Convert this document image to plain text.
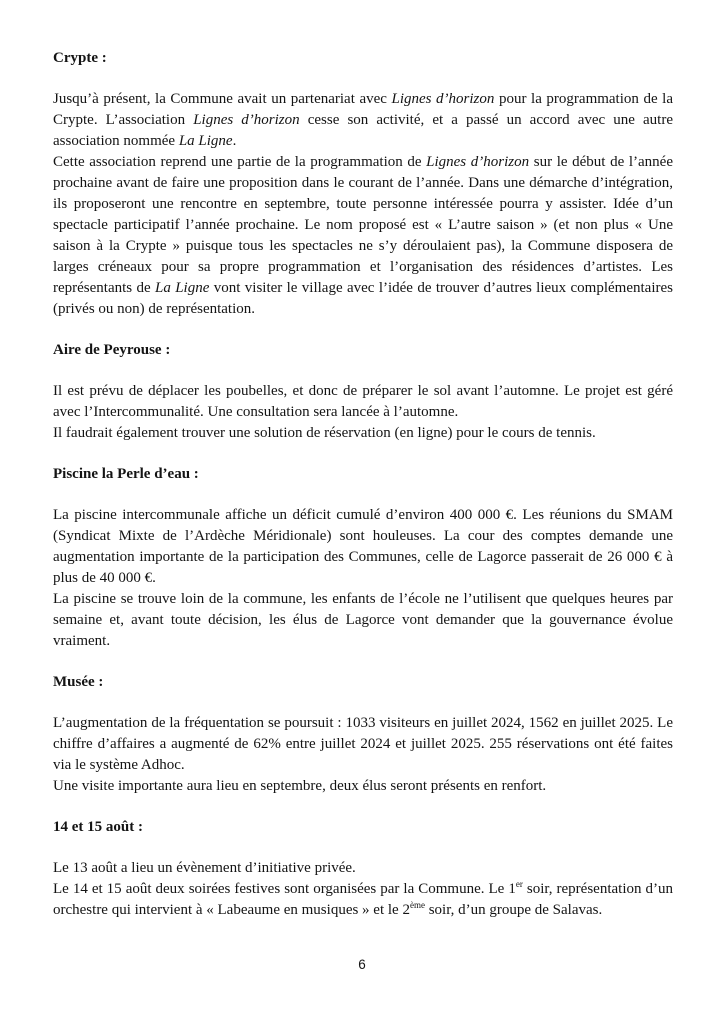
Crypte :

Jusqu’à présent, la Commune avait un partenariat avec Lignes d’horizon pour la programmation de la Crypte. L’association Lignes d’horizon cesse son activité, et a passé un accord avec une autre association nommée La Ligne.

Cette association reprend une partie de la programmation de Lignes d’horizon sur le début de l’année prochaine avant de faire une proposition dans le courant de l’année. Dans une démarche d’intégration, ils proposeront une rencontre en septembre, toute personne intéressée pourra y assister. Idée d’un spectacle participatif l’année prochaine. Le nom proposé est « L’autre saison » (et non plus « Une saison à la Crypte » puisque tous les spectacles ne s’y déroulaient pas), la Commune disposera de larges créneaux pour sa propre programmation et l’organisation des résidences d’artistes. Les représentants de La Ligne vont visiter le village avec l’idée de trouver d’autres lieux complémentaires (privés ou non) de représentation.

Aire de Peyrouse :

Il est prévu de déplacer les poubelles, et donc de préparer le sol avant l’automne. Le projet est géré avec l’Intercommunalité. Une consultation sera lancée à l’automne.

Il faudrait également trouver une solution de réservation (en ligne) pour le cours de tennis.

Piscine la Perle d’eau :

La piscine intercommunale affiche un déficit cumulé d’environ 400 000 €. Les réunions du SMAM (Syndicat Mixte de l’Ardèche Méridionale) sont houleuses. La cour des comptes demande une augmentation importante de la participation des Communes, celle de Lagorce passerait de 26 000 € à plus de 40 000 €.

La piscine se trouve loin de la commune, les enfants de l’école ne l’utilisent que quelques heures par semaine et, avant toute décision, les élus de Lagorce vont demander que la gouvernance évolue vraiment.

Musée :

L’augmentation de la fréquentation se poursuit : 1033 visiteurs en juillet 2024, 1562 en juillet 2025. Le chiffre d’affaires a augmenté de 62% entre juillet 2024 et juillet 2025. 255 réservations ont été faites via le système Adhoc.

Une visite importante aura lieu en septembre, deux élus seront présents en renfort.

14 et 15 août :

Le 13 août a lieu un évènement d’initiative privée.

Le 14 et 15 août deux soirées festives sont organisées par la Commune. Le 1er soir, représentation d’un orchestre qui intervient à « Labeaume en musiques » et le 2ème soir, d’un groupe de Salavas.

6
